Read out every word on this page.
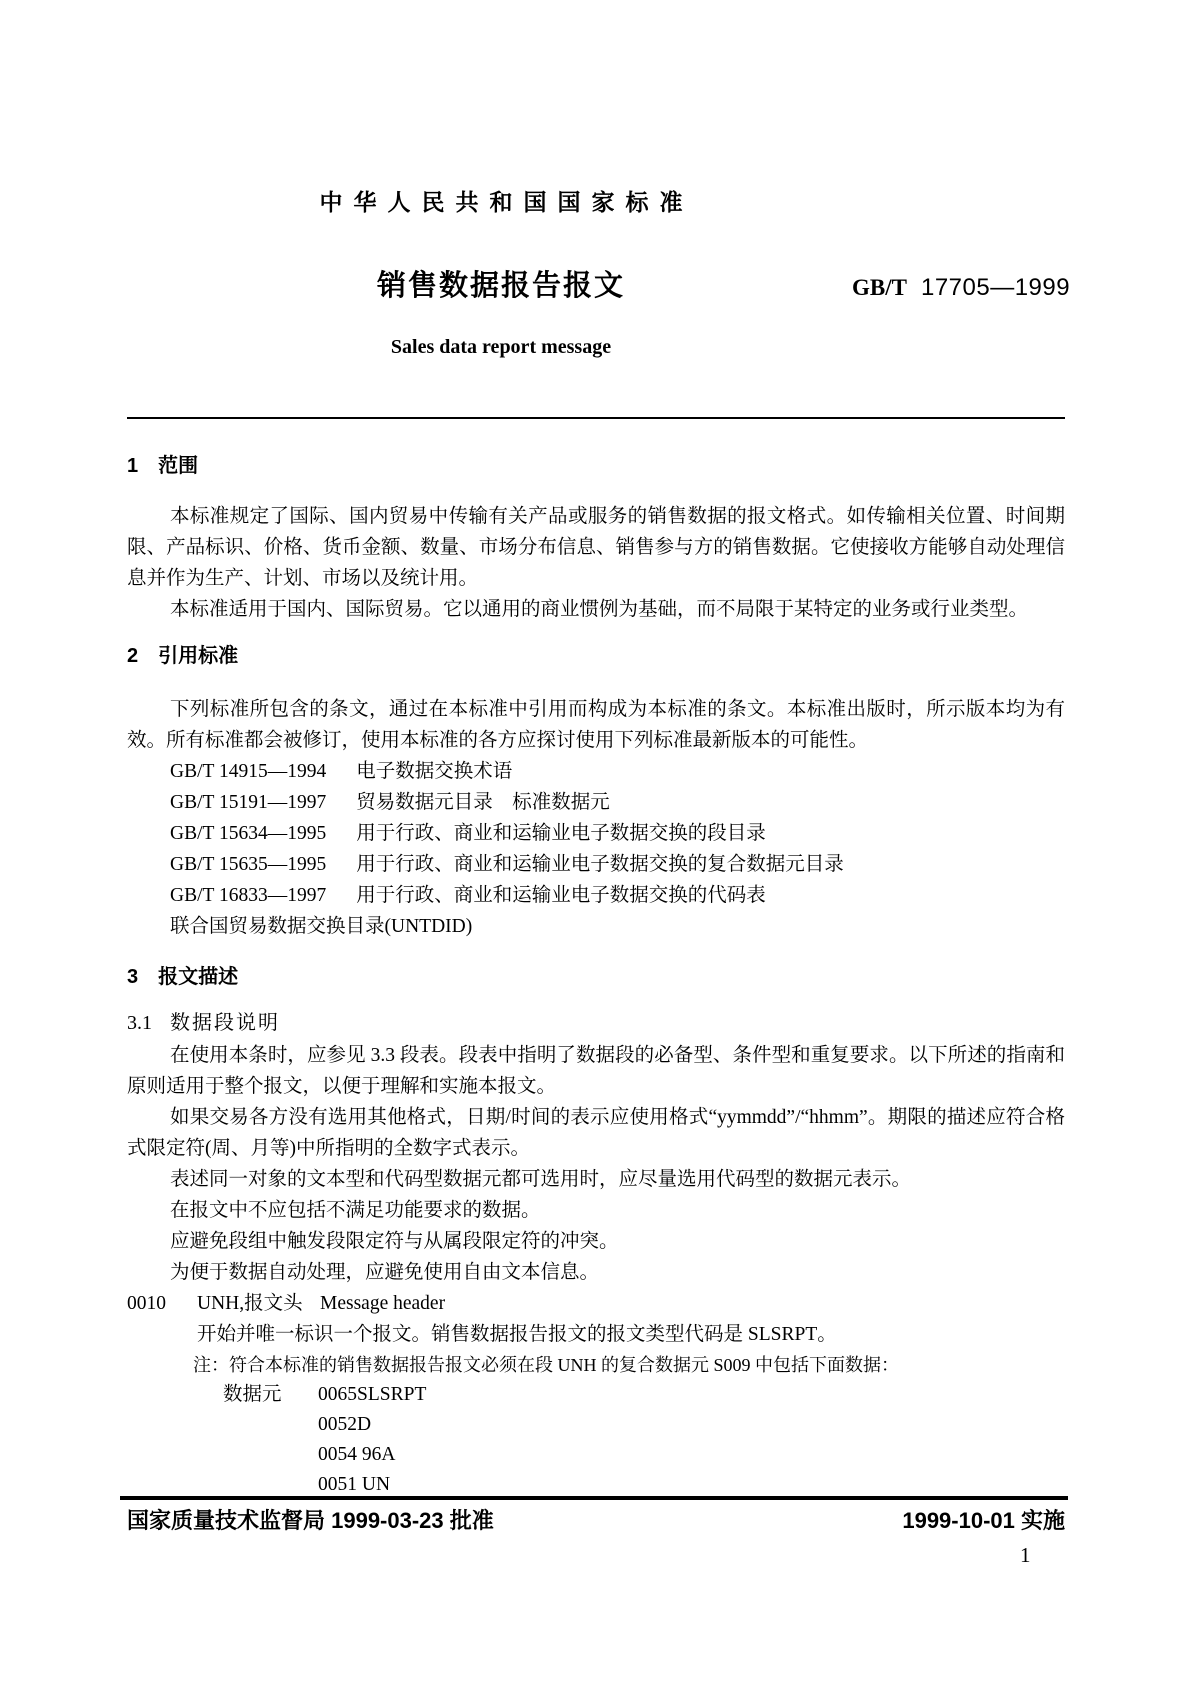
中华人民共和国国家标准
销售数据报告报文	GB/T 17705—1999
Sales data report message
1 范围

本标准规定了国际、国内贸易中传输有关产品或服务的销售数据的报文格式。如传输相关位置、时间期限、产品标识、价格、货币金额、数量、市场分布信息、销售参与方的销售数据。它使接收方能够自动处理信息并作为生产、计划、市场以及统计用。

本标准适用于国内、国际贸易。它以通用的商业惯例为基础，而不局限于某特定的业务或行业类型。

2 引用标准

下列标准所包含的条文，通过在本标准中引用而构成为本标准的条文。本标准出版时，所示版本均为有效。所有标准都会被修订，使用本标准的各方应探讨使用下列标准最新版本的可能性。

GB/T 14915—1994 电子数据交换术语
GB/T 15191—1997 贸易数据元目录　标准数据元
GB/T 15634—1995 用于行政、商业和运输业电子数据交换的段目录
GB/T 15635—1995 用于行政、商业和运输业电子数据交换的复合数据元目录
GB/T 16833—1997 用于行政、商业和运输业电子数据交换的代码表
联合国贸易数据交换目录(UNTDID)
3 报文描述
3.1 数据段说明

在使用本条时，应参见 3.3 段表。段表中指明了数据段的必备型、条件型和重复要求。以下所述的指南和原则适用于整个报文，以便于理解和实施本报文。

如果交易各方没有选用其他格式，日期/时间的表示应使用格式“yymmdd”/“hhmm”。期限的描述应符合格式限定符(周、月等)中所指明的全数字式表示。

表述同一对象的文本型和代码型数据元都可选用时，应尽量选用代码型的数据元表示。

在报文中不应包括不满足功能要求的数据。

应避免段组中触发段限定符与从属段限定符的冲突。

为便于数据自动处理，应避免使用自由文本信息。

0010 UNH,报文头 Message header
开始并唯一标识一个报文。销售数据报告报文的报文类型代码是 SLSRPT。
注：符合本标准的销售数据报告报文必须在段 UNH 的复合数据元 S009 中包括下面数据：
数据元 0065SLSRPT
0052D
0054 96A
0051 UN
国家质量技术监督局 1999-03-23 批准	1999-10-01 实施
1
